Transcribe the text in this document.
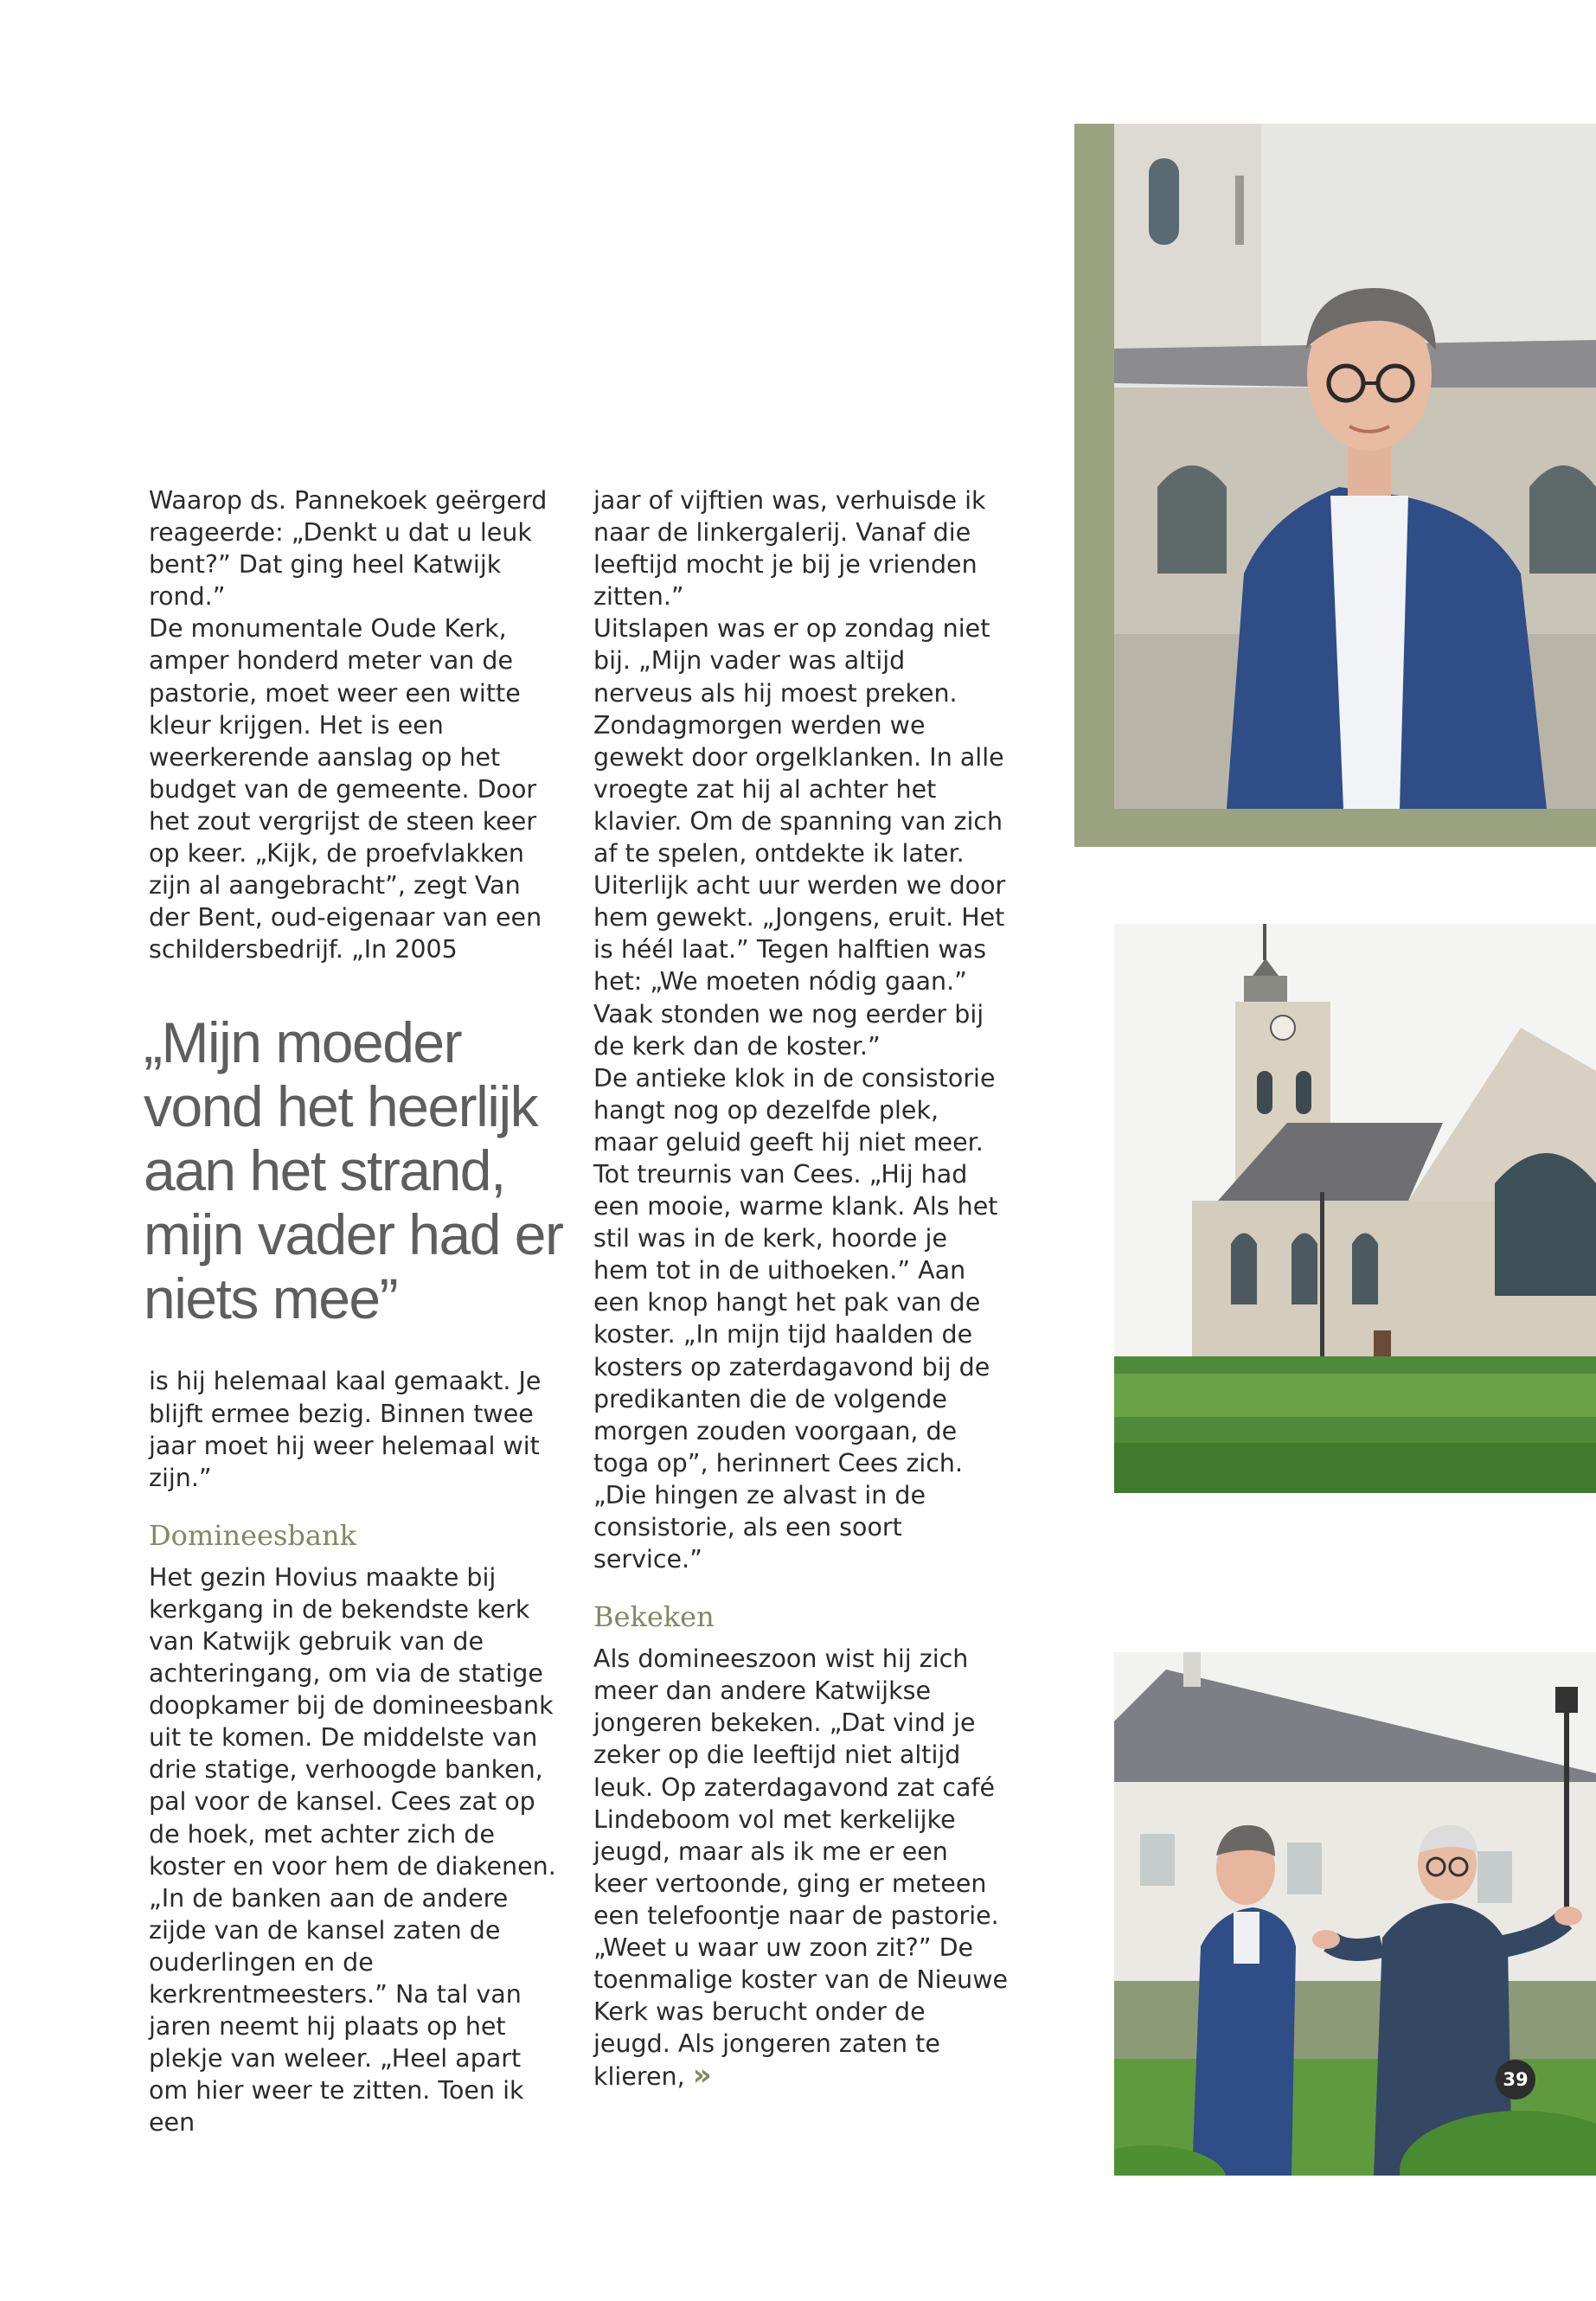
Waarop ds. Pannekoek geërgerd reageerde: „Denkt u dat u leuk bent?” Dat ging heel Katwijk rond.”

De monumentale Oude Kerk, amper honderd meter van de pastorie, moet weer een witte kleur krijgen. Het is een weerkerende aanslag op het budget van de gemeente. Door het zout vergrijst de steen keer op keer. „Kijk, de proefvlakken zijn al aangebracht”, zegt Van der Bent, oud-eigenaar van een schildersbedrijf. „In 2005

„Mijn moeder vond het heerlijk aan het strand, mijn vader had er niets mee”

is hij helemaal kaal gemaakt. Je blijft ermee bezig. Binnen twee jaar moet hij weer helemaal wit zijn.”

Domineesbank

Het gezin Hovius maakte bij kerkgang in de bekendste kerk van Katwijk gebruik van de achteringang, om via de statige doopkamer bij de domineesbank uit te komen. De middelste van drie statige, verhoogde banken, pal voor de kansel. Cees zat op de hoek, met achter zich de koster en voor hem de diakenen. „In de banken aan de andere zijde van de kansel zaten de ouderlingen en de kerkrentmeesters.” Na tal van jaren neemt hij plaats op het plekje van weleer. „Heel apart om hier weer te zitten. Toen ik een

jaar of vijftien was, verhuisde ik naar de linkergalerij. Vanaf die leeftijd mocht je bij je vrienden zitten.”

Uitslapen was er op zondag niet bij. „Mijn vader was altijd nerveus als hij moest preken. Zondagmorgen werden we gewekt door orgelklanken. In alle vroegte zat hij al achter het klavier. Om de spanning van zich af te spelen, ontdekte ik later. Uiterlijk acht uur werden we door hem gewekt. „Jongens, eruit. Het is héél laat.” Tegen halftien was het: „We moeten nódig gaan.” Vaak stonden we nog eerder bij de kerk dan de koster.”

De antieke klok in de consistorie hangt nog op dezelfde plek, maar geluid geeft hij niet meer. Tot treurnis van Cees. „Hij had een mooie, warme klank. Als het stil was in de kerk, hoorde je hem tot in de uithoeken.” Aan een knop hangt het pak van de koster. „In mijn tijd haalden de kosters op zaterdagavond bij de predikanten die de volgende morgen zouden voorgaan, de toga op”, herinnert Cees zich. „Die hingen ze alvast in de consistorie, als een soort service.”

Bekeken

Als domineeszoon wist hij zich meer dan andere Katwijkse jongeren bekeken. „Dat vind je zeker op die leeftijd niet altijd leuk. Op zaterdagavond zat café Lindeboom vol met kerkelijke jeugd, maar als ik me er een keer vertoonde, ging er meteen een telefoontje naar de pastorie. „Weet u waar uw zoon zit?” De toenmalige koster van de Nieuwe Kerk was berucht onder de jeugd. Als jongeren zaten te klieren, »	39
